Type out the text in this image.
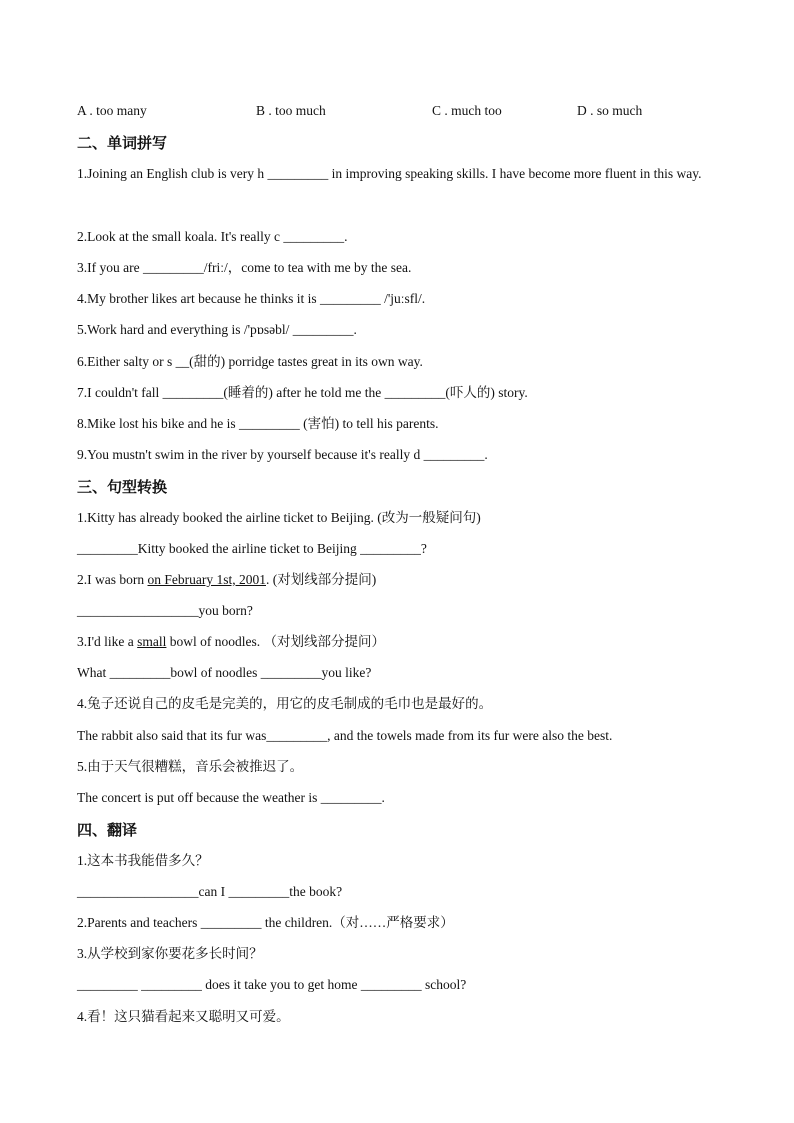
A . too many	B . too much	C . much too	D . so much
二、单词拼写
1.Joining an English club is very h _________ in improving speaking skills. I have become more fluent in this way.
2.Look at the small koala. It's really c _________.
3.If you are _________/friː/，come to tea with me by the sea.
4.My brother likes art because he thinks it is _________ /'juːsfl/.
5.Work hard and everything is /'pɒsəbl/ _________.
6.Either salty or s __(甜的) porridge tastes great in its own way.
7.I couldn't fall _________(睡着的) after he told me the _________(吓人的) story.
8.Mike lost his bike and he is _________ (害怕) to tell his parents.
9.You mustn't swim in the river by yourself because it's really d _________.
三、句型转换
1.Kitty has already booked the airline ticket to Beijing. (改为一般疑问句)
_________Kitty booked the airline ticket to Beijing _________?
2.I was born on February 1st, 2001. (对划线部分提问)
__________________you born?
3.I'd like a small bowl of noodles. （对划线部分提问）
What _________bowl of noodles _________you like?
4.兔子还说自己的皮毛是完美的，用它的皮毛制成的毛巾也是最好的。
The rabbit also said that its fur was_________, and the towels made from its fur were also the best.
5.由于天气很糟糕，音乐会被推迟了。
The concert is put off because the weather is _________.
四、翻译
1.这本书我能借多久？
__________________can I _________the book?
2.Parents and teachers _________ the children.（对……严格要求）
3.从学校到家你要花多长时间？
_________ _________ does it take you to get home _________ school?
4.看！这只猫看起来又聪明又可爱。
